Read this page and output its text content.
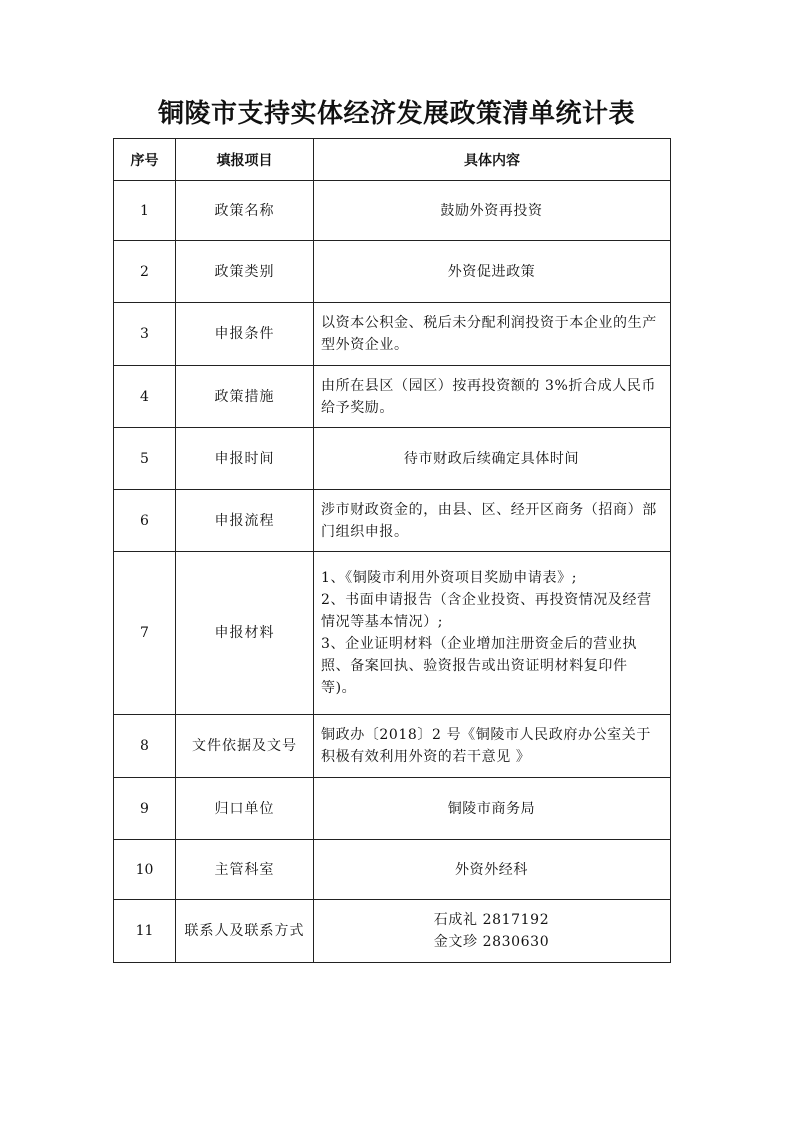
铜陵市支持实体经济发展政策清单统计表
序号	填报项目	具体内容
1	政策名称	鼓励外资再投资

2	政策类别	外资促进政策

3	申报条件	以资本公积金、税后未分配利润投资于本企业的生产型外资企业。

4	政策措施	由所在县区（园区）按再投资额的 3%折合成人民币给予奖励。

5	申报时间	待市财政后续确定具体时间

6	申报流程	涉市财政资金的，由县、区、经开区商务（招商）部门组织申报。

7	申报材料	1、《铜陵市利用外资项目奖励申请表》;
2、书面申请报告（含企业投资、再投资情况及经营情况等基本情况）;
3、企业证明材料（企业增加注册资金后的营业执照、备案回执、验资报告或出资证明材料复印件等)。

8	文件依据及文号	铜政办〔2018〕2 号《铜陵市人民政府办公室关于积极有效利用外资的若干意见 》

9	归口单位	铜陵市商务局

10	主管科室	外资外经科

11	联系人及联系方式	石成礼 2817192
金文珍 2830630
